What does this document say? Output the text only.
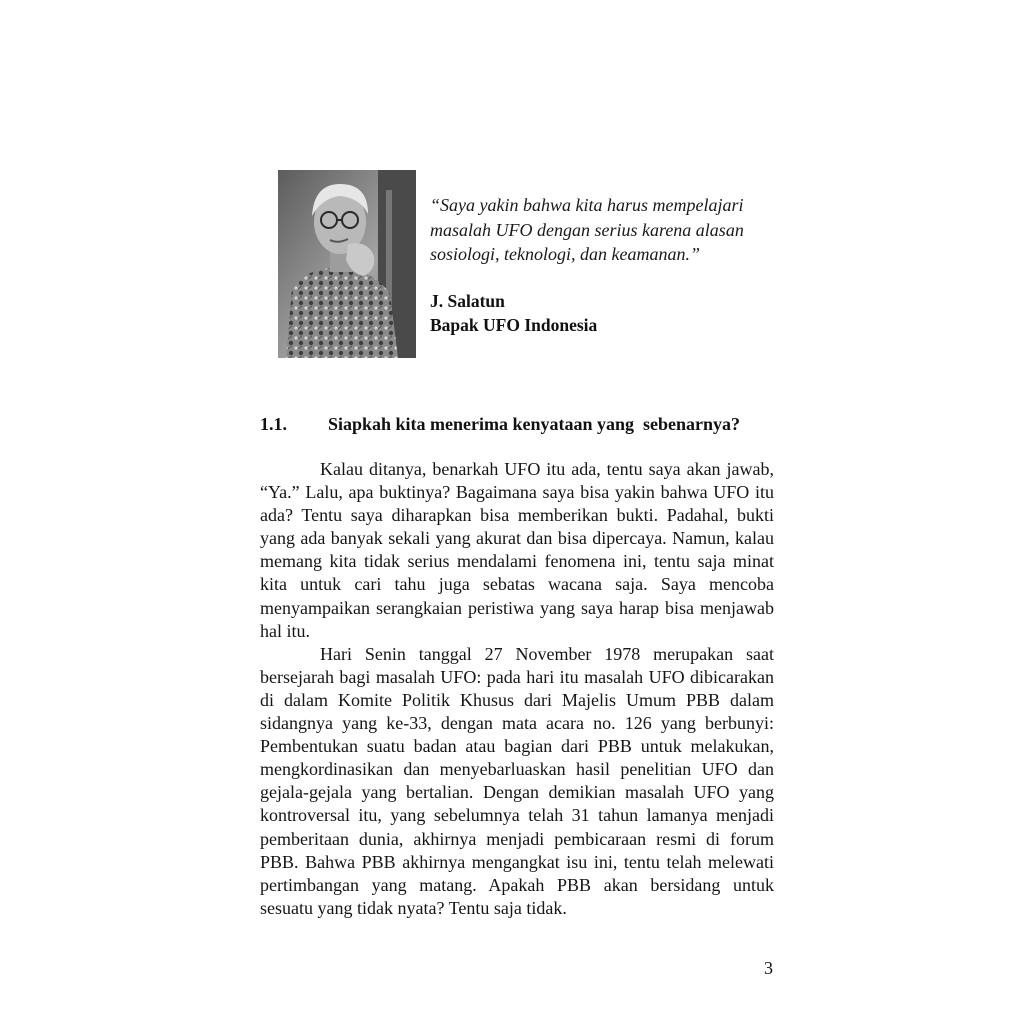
“Saya yakin bahwa kita harus mempelajari masalah UFO dengan serius karena alasan sosiologi, teknologi, dan keamanan.”

J. Salatun
Bapak UFO Indonesia
1.1. Siapkah kita menerima kenyataan yang  sebenarnya?

Kalau ditanya, benarkah UFO itu ada, tentu saya akan jawab, “Ya.” Lalu, apa buktinya? Bagaimana saya bisa yakin bahwa UFO itu ada? Tentu saya diharapkan bisa memberikan bukti. Padahal, bukti yang ada banyak sekali yang akurat dan bisa dipercaya. Namun, kalau memang kita tidak serius mendalami fenomena ini, tentu saja minat kita untuk cari tahu juga sebatas wacana saja. Saya mencoba menyampaikan serangkaian peristiwa yang saya harap bisa menjawab hal itu.

Hari Senin tanggal 27 November 1978 merupakan saat bersejarah bagi masalah UFO: pada hari itu masalah UFO dibicarakan di dalam Komite Politik Khusus dari Majelis Umum PBB dalam sidangnya yang ke-33, dengan mata acara no. 126 yang berbunyi: Pembentukan suatu badan atau bagian dari PBB untuk melakukan, mengkordinasikan dan menyebarluaskan hasil penelitian UFO dan gejala-gejala yang bertalian. Dengan demikian masalah UFO yang kontroversal itu, yang sebelumnya telah 31 tahun lamanya menjadi pemberitaan dunia, akhirnya menjadi pembicaraan resmi di forum PBB. Bahwa PBB akhirnya mengangkat isu ini, tentu telah melewati pertimbangan yang matang. Apakah PBB akan bersidang untuk sesuatu yang tidak nyata? Tentu saja tidak.

3
